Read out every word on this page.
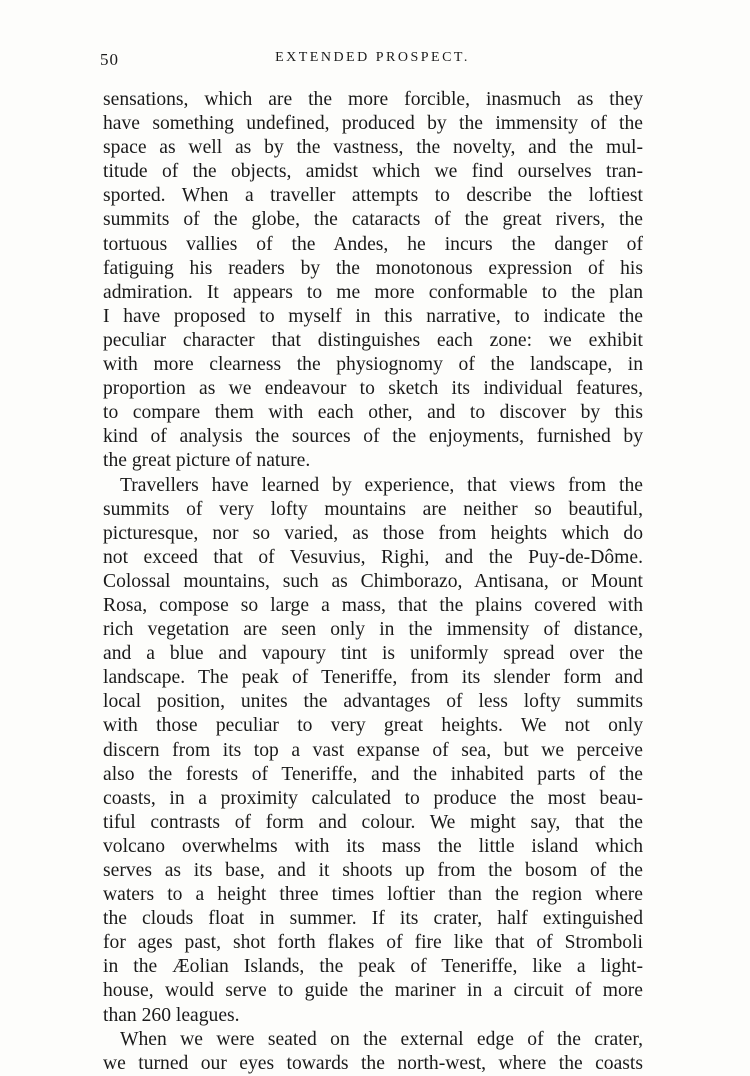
50	EXTENDED PROSPECT.
sensations, which are the more forcible, inasmuch as they
have something undefined, produced by the immensity of the
space as well as by the vastness, the novelty, and the mul-
titude of the objects, amidst which we find ourselves tran-
sported. When a traveller attempts to describe the loftiest
summits of the globe, the cataracts of the great rivers, the
tortuous vallies of the Andes, he incurs the danger of
fatiguing his readers by the monotonous expression of his
admiration. It appears to me more conformable to the plan
I have proposed to myself in this narrative, to indicate the
peculiar character that distinguishes each zone: we exhibit
with more clearness the physiognomy of the landscape, in
proportion as we endeavour to sketch its individual features,
to compare them with each other, and to discover by this
kind of analysis the sources of the enjoyments, furnished by
the great picture of nature.
Travellers have learned by experience, that views from the
summits of very lofty mountains are neither so beautiful,
picturesque, nor so varied, as those from heights which do
not exceed that of Vesuvius, Righi, and the Puy-de-Dôme.
Colossal mountains, such as Chimborazo, Antisana, or Mount
Rosa, compose so large a mass, that the plains covered with
rich vegetation are seen only in the immensity of distance,
and a blue and vapoury tint is uniformly spread over the
landscape. The peak of Teneriffe, from its slender form and
local position, unites the advantages of less lofty summits
with those peculiar to very great heights. We not only
discern from its top a vast expanse of sea, but we perceive
also the forests of Teneriffe, and the inhabited parts of the
coasts, in a proximity calculated to produce the most beau-
tiful contrasts of form and colour. We might say, that the
volcano overwhelms with its mass the little island which
serves as its base, and it shoots up from the bosom of the
waters to a height three times loftier than the region where
the clouds float in summer. If its crater, half extinguished
for ages past, shot forth flakes of fire like that of Stromboli
in the Æolian Islands, the peak of Teneriffe, like a light-
house, would serve to guide the mariner in a circuit of more
than 260 leagues.
When we were seated on the external edge of the crater,
we turned our eyes towards the north-west, where the coasts
